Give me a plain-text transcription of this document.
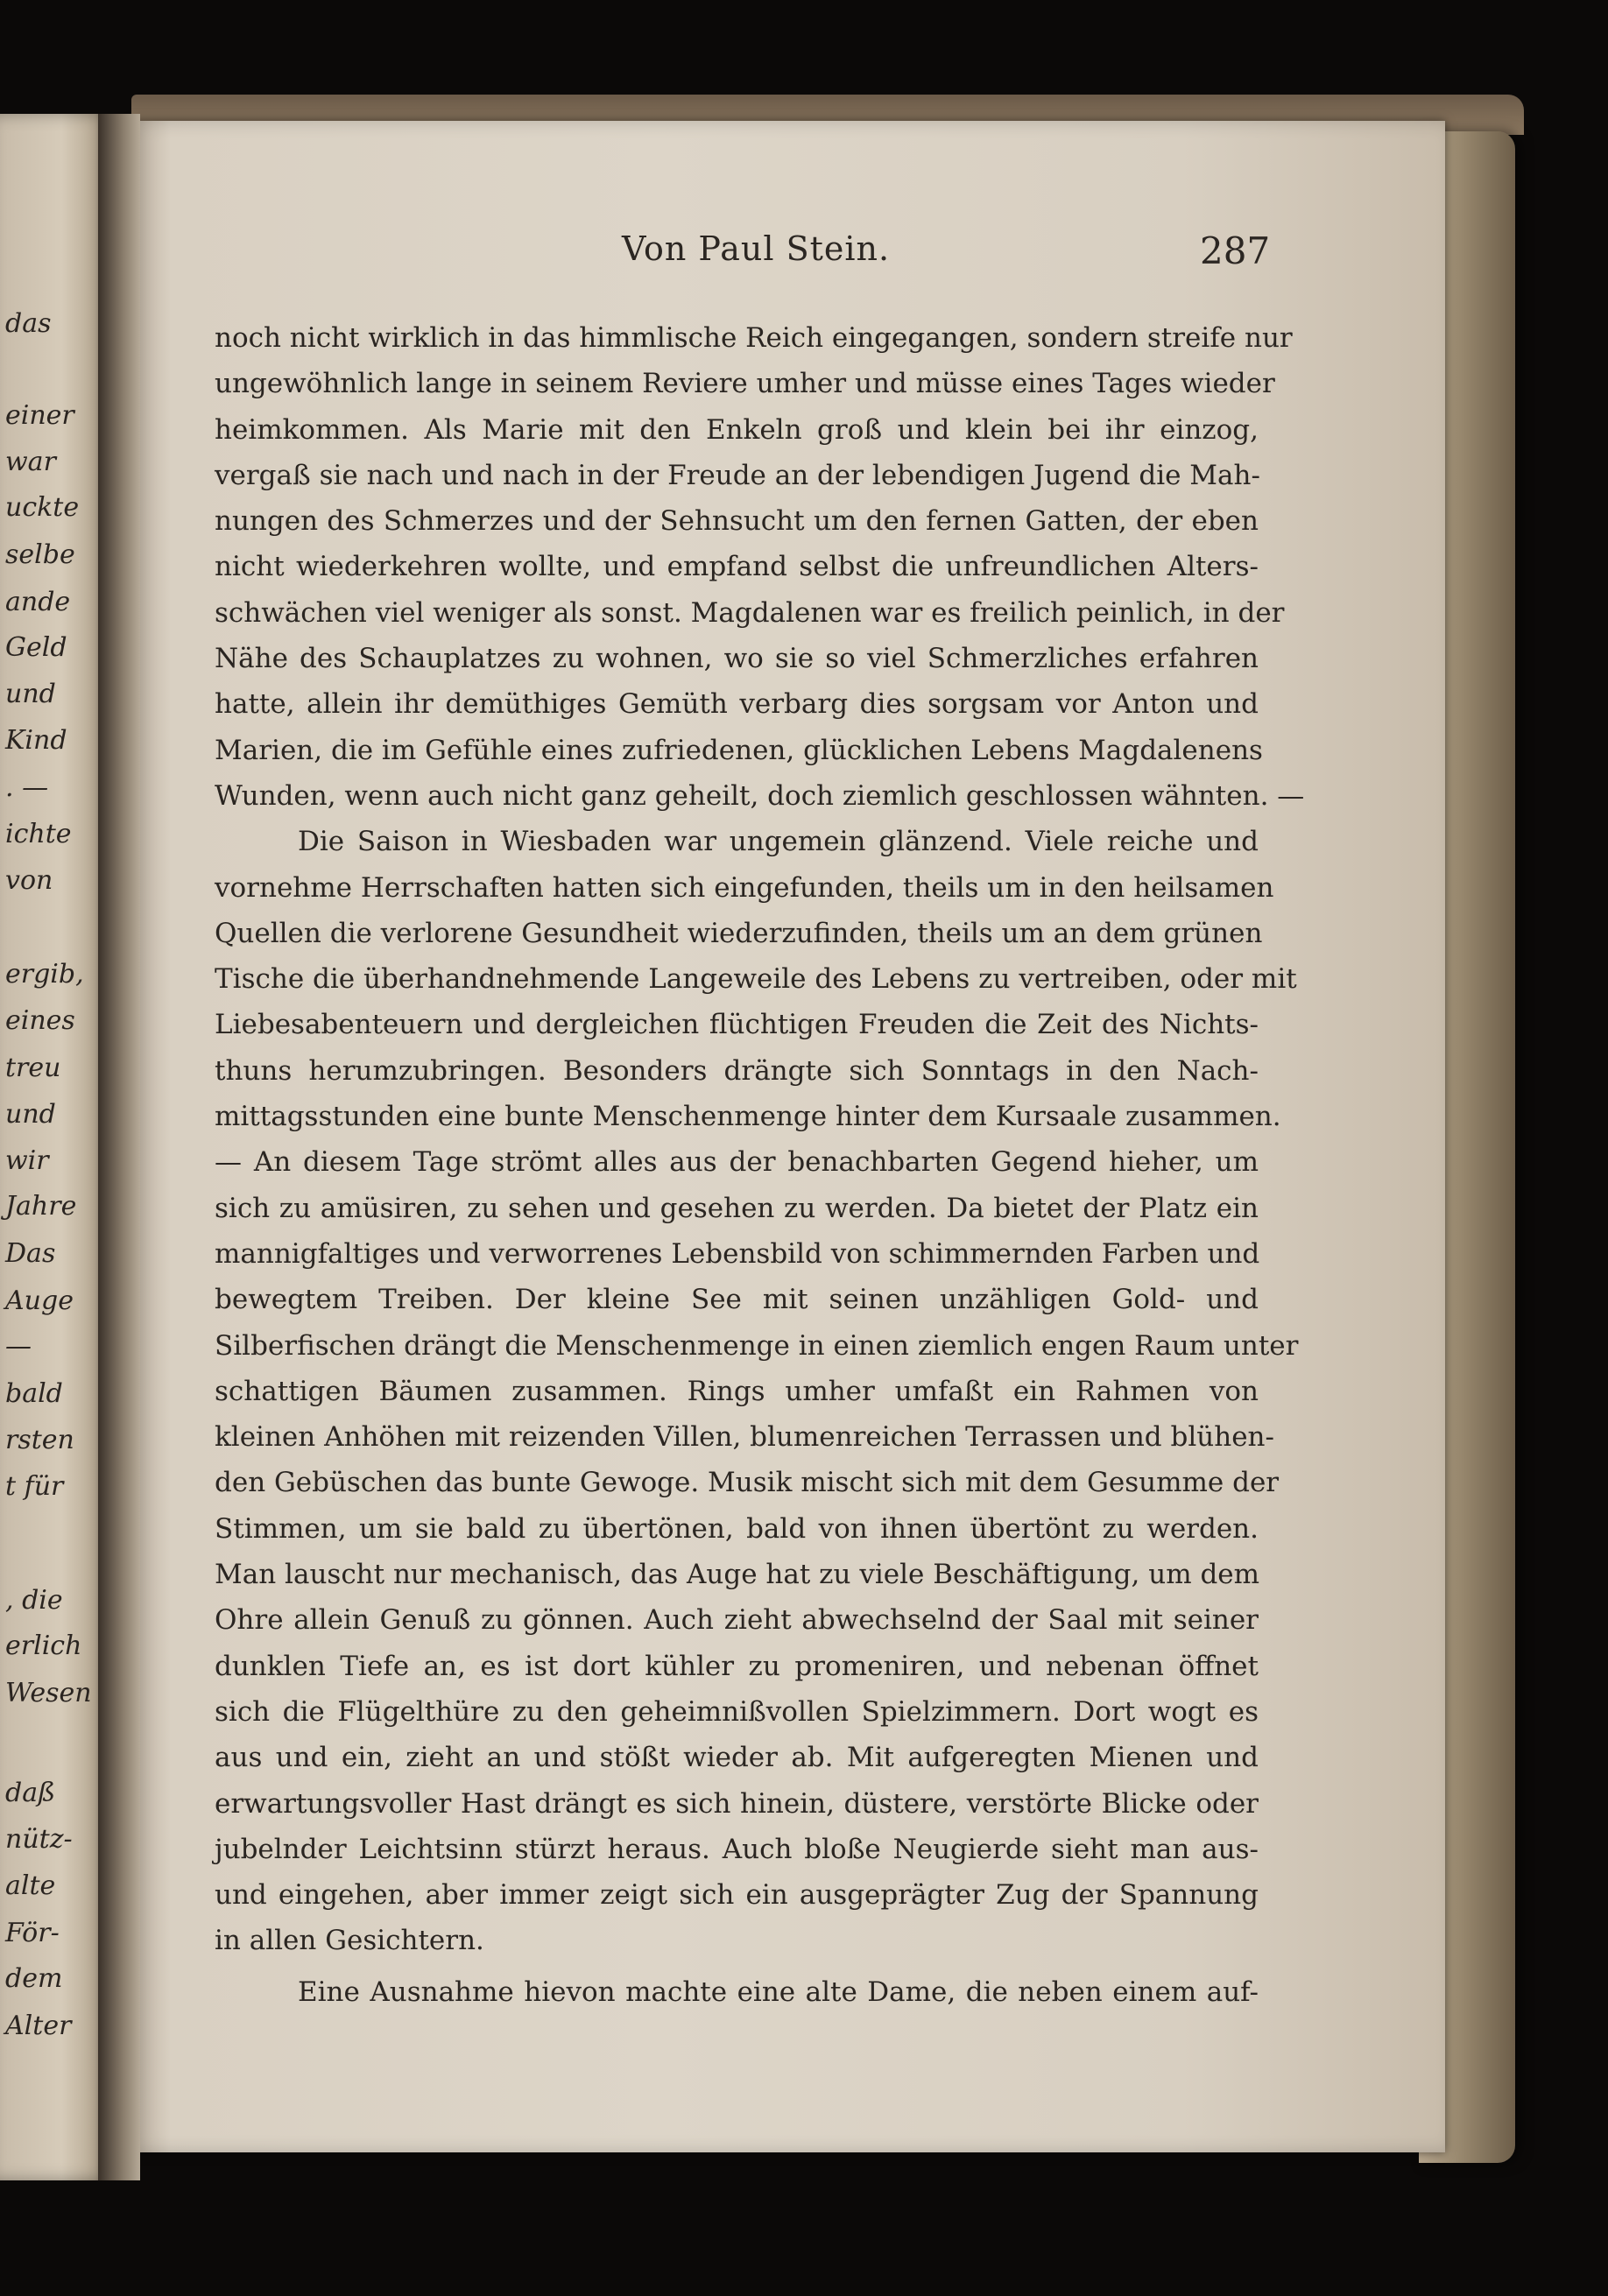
das
einer
war
uckte
selbe
ande
Geld
und
Kind
. —
ichte
von
ergib,
eines
treu
und
wir
Jahre
Das
Auge
—
bald
rsten
t für
, die
erlich
Wesen
daß
nütz-
alte
För-
dem
Alter
Von Paul Stein.	287
noch nicht wirklich in das himmlische Reich eingegangen, sondern streife nur
ungewöhnlich lange in seinem Reviere umher und müsse eines Tages wieder
heimkommen. Als Marie mit den Enkeln groß und klein bei ihr einzog,
vergaß sie nach und nach in der Freude an der lebendigen Jugend die Mah-
nungen des Schmerzes und der Sehnsucht um den fernen Gatten, der eben
nicht wiederkehren wollte, und empfand selbst die unfreundlichen Alters-
schwächen viel weniger als sonst. Magdalenen war es freilich peinlich, in der
Nähe des Schauplatzes zu wohnen, wo sie so viel Schmerzliches erfahren
hatte, allein ihr demüthiges Gemüth verbarg dies sorgsam vor Anton und
Marien, die im Gefühle eines zufriedenen, glücklichen Lebens Magdalenens
Wunden, wenn auch nicht ganz geheilt, doch ziemlich geschlossen wähnten. —
Die Saison in Wiesbaden war ungemein glänzend. Viele reiche und
vornehme Herrschaften hatten sich eingefunden, theils um in den heilsamen
Quellen die verlorene Gesundheit wiederzufinden, theils um an dem grünen
Tische die überhandnehmende Langeweile des Lebens zu vertreiben, oder mit
Liebesabenteuern und dergleichen flüchtigen Freuden die Zeit des Nichts-
thuns herumzubringen. Besonders drängte sich Sonntags in den Nach-
mittagsstunden eine bunte Menschenmenge hinter dem Kursaale zusammen.
— An diesem Tage strömt alles aus der benachbarten Gegend hieher, um
sich zu amüsiren, zu sehen und gesehen zu werden. Da bietet der Platz ein
mannigfaltiges und verworrenes Lebensbild von schimmernden Farben und
bewegtem Treiben. Der kleine See mit seinen unzähligen Gold- und
Silberfischen drängt die Menschenmenge in einen ziemlich engen Raum unter
schattigen Bäumen zusammen. Rings umher umfaßt ein Rahmen von
kleinen Anhöhen mit reizenden Villen, blumenreichen Terrassen und blühen-
den Gebüschen das bunte Gewoge. Musik mischt sich mit dem Gesumme der
Stimmen, um sie bald zu übertönen, bald von ihnen übertönt zu werden.
Man lauscht nur mechanisch, das Auge hat zu viele Beschäftigung, um dem
Ohre allein Genuß zu gönnen. Auch zieht abwechselnd der Saal mit seiner
dunklen Tiefe an, es ist dort kühler zu promeniren, und nebenan öffnet
sich die Flügelthüre zu den geheimnißvollen Spielzimmern. Dort wogt es
aus und ein, zieht an und stößt wieder ab. Mit aufgeregten Mienen und
erwartungsvoller Hast drängt es sich hinein, düstere, verstörte Blicke oder
jubelnder Leichtsinn stürzt heraus. Auch bloße Neugierde sieht man aus-
und eingehen, aber immer zeigt sich ein ausgeprägter Zug der Spannung
in allen Gesichtern.
Eine Ausnahme hievon machte eine alte Dame, die neben einem auf-
